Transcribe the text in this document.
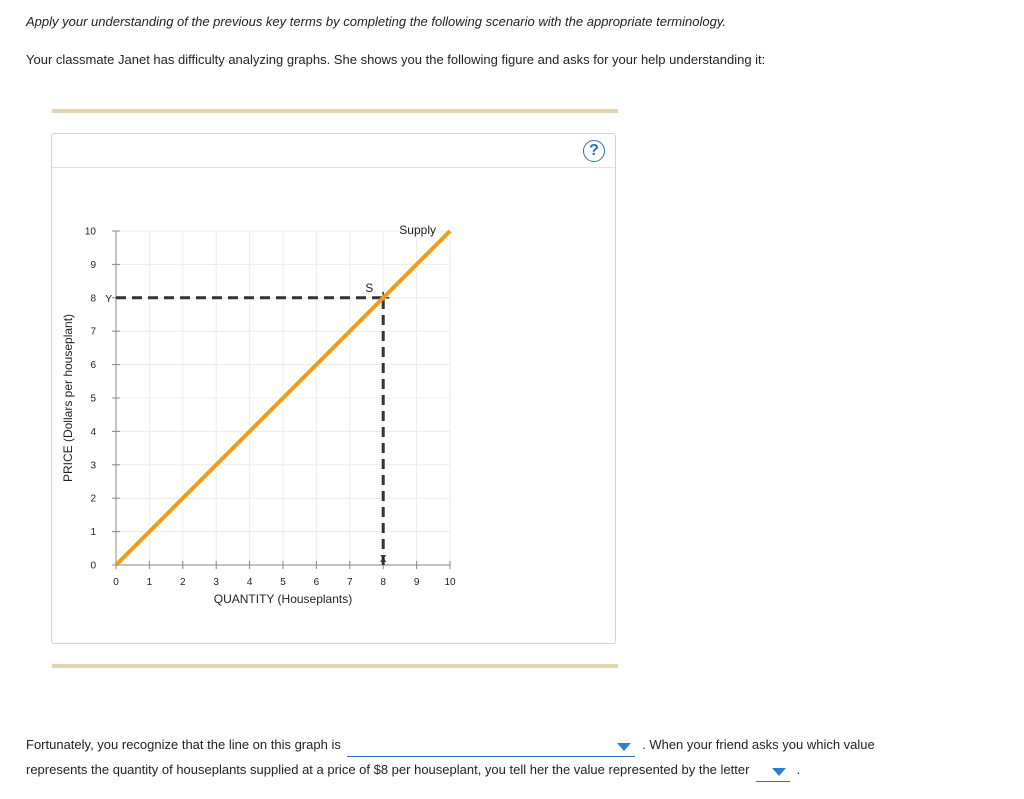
Apply your understanding of the previous key terms by completing the following scenario with the appropriate terminology.
Your classmate Janet has difficulty analyzing graphs. She shows you the following figure and asks for your help understanding it:
?
0	1	2	3	4	5	6	7	8	9	10
0
1
2
3
4
5
6
7
8
9
10
QUANTITY (Houseplants)
PRICE (Dollars per houseplant)
Y
X
Supply
S
Fortunately, you recognize that the line on this graph is	. When your friend asks you which value
represents the quantity of houseplants supplied at a price of $8 per houseplant, you tell her the value represented by the letter	.
